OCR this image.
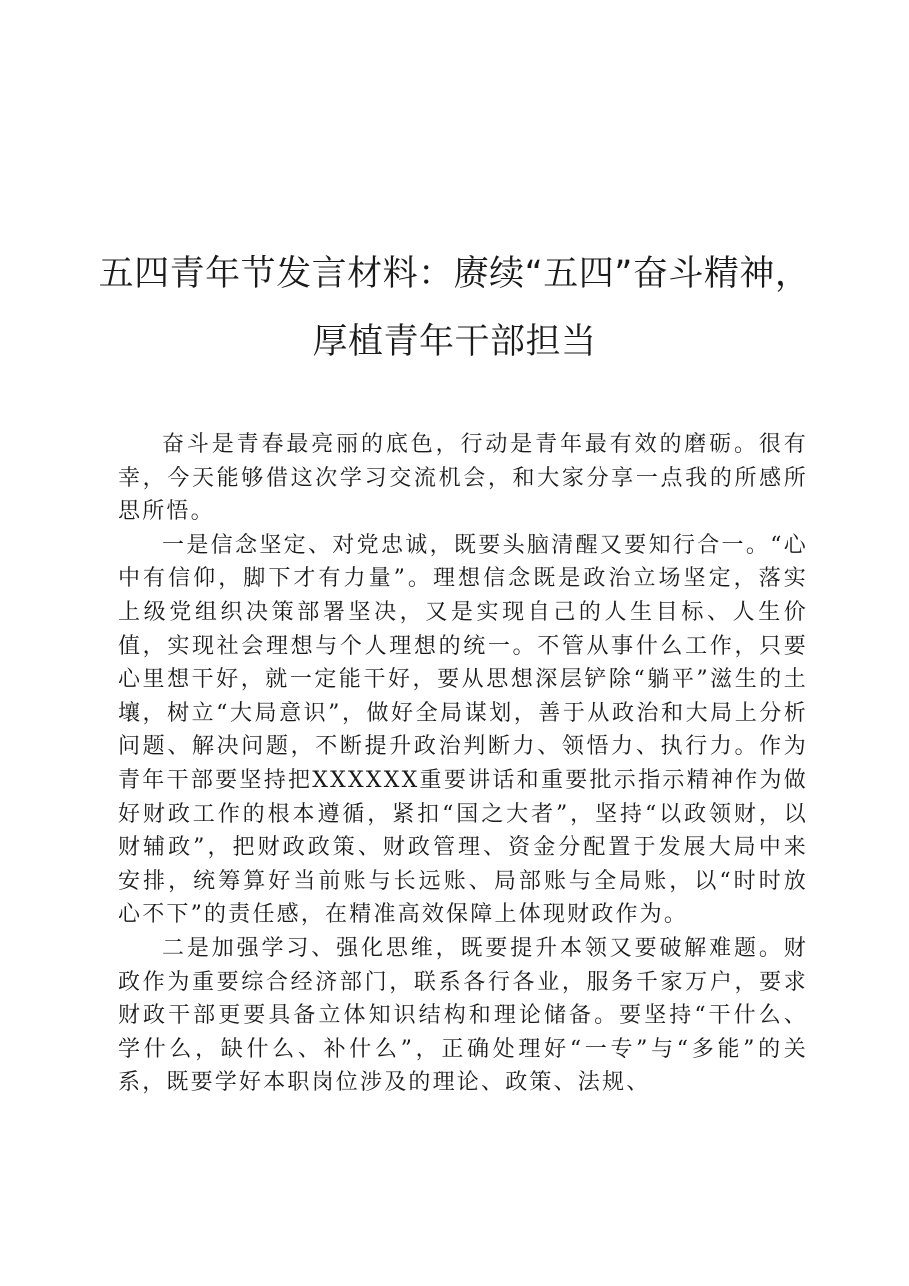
五四青年节发言材料：赓续“五四”奋斗精神，
厚植青年干部担当

奋斗是青春最亮丽的底色，行动是青年最有效的磨砺。很有幸，今天能够借这次学习交流机会，和大家分享一点我的所感所思所悟。

一是信念坚定、对党忠诚，既要头脑清醒又要知行合一。“心中有信仰，脚下才有力量”。理想信念既是政治立场坚定，落实上级党组织决策部署坚决，又是实现自己的人生目标、人生价值，实现社会理想与个人理想的统一。不管从事什么工作，只要心里想干好，就一定能干好，要从思想深层铲除“躺平”滋生的土壤，树立“大局意识”，做好全局谋划，善于从政治和大局上分析问题、解决问题，不断提升政治判断力、领悟力、执行力。作为青年干部要坚持把XXXXXX重要讲话和重要批示指示精神作为做好财政工作的根本遵循，紧扣“国之大者”，坚持“以政领财，以财辅政”，把财政政策、财政管理、资金分配置于发展大局中来安排，统筹算好当前账与长远账、局部账与全局账，以“时时放心不下”的责任感，在精准高效保障上体现财政作为。

二是加强学习、强化思维，既要提升本领又要破解难题。财政作为重要综合经济部门，联系各行各业，服务千家万户，要求财政干部更要具备立体知识结构和理论储备。要坚持“干什么、学什么，缺什么、补什么”，正确处理好“一专”与“多能”的关系，既要学好本职岗位涉及的理论、政策、法规、
